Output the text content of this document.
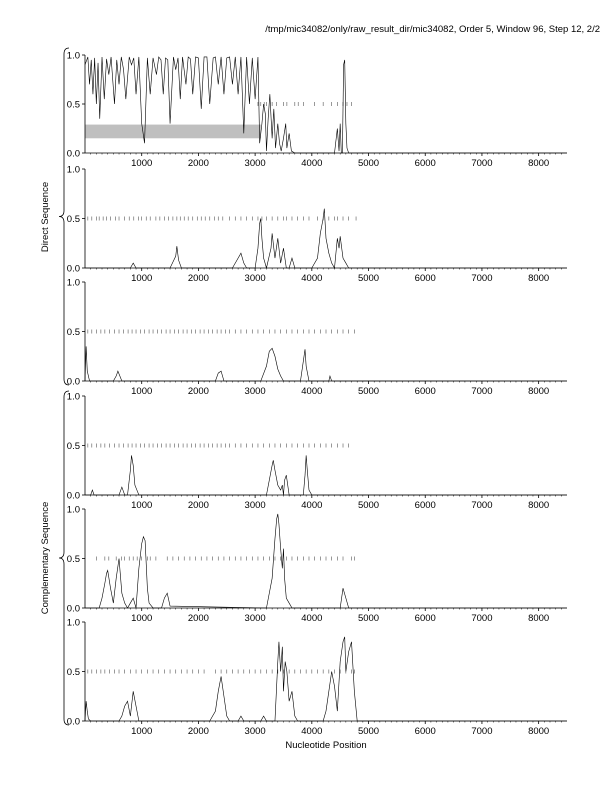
/tmp/mic34082/only/raw_result_dir/mic34082, Order 5, Window 96, Step 12, 2/2
0.0
0.5
1.0
1000	2000	3000	4000	5000	6000	7000	8000
0.0
0.5
1.0
1000	2000	3000	4000	5000	6000	7000	8000
0.0
0.5
1.0
1000	2000	3000	4000	5000	6000	7000	8000
0.0
0.5
1.0
1000	2000	3000	4000	5000	6000	7000	8000
0.0
0.5
1.0
1000	2000	3000	4000	5000	6000	7000	8000
0.0
0.5
1.0
1000	2000	3000	4000	5000	6000	7000	8000
Direct Sequence
Complementary Sequence
Nucleotide Position
